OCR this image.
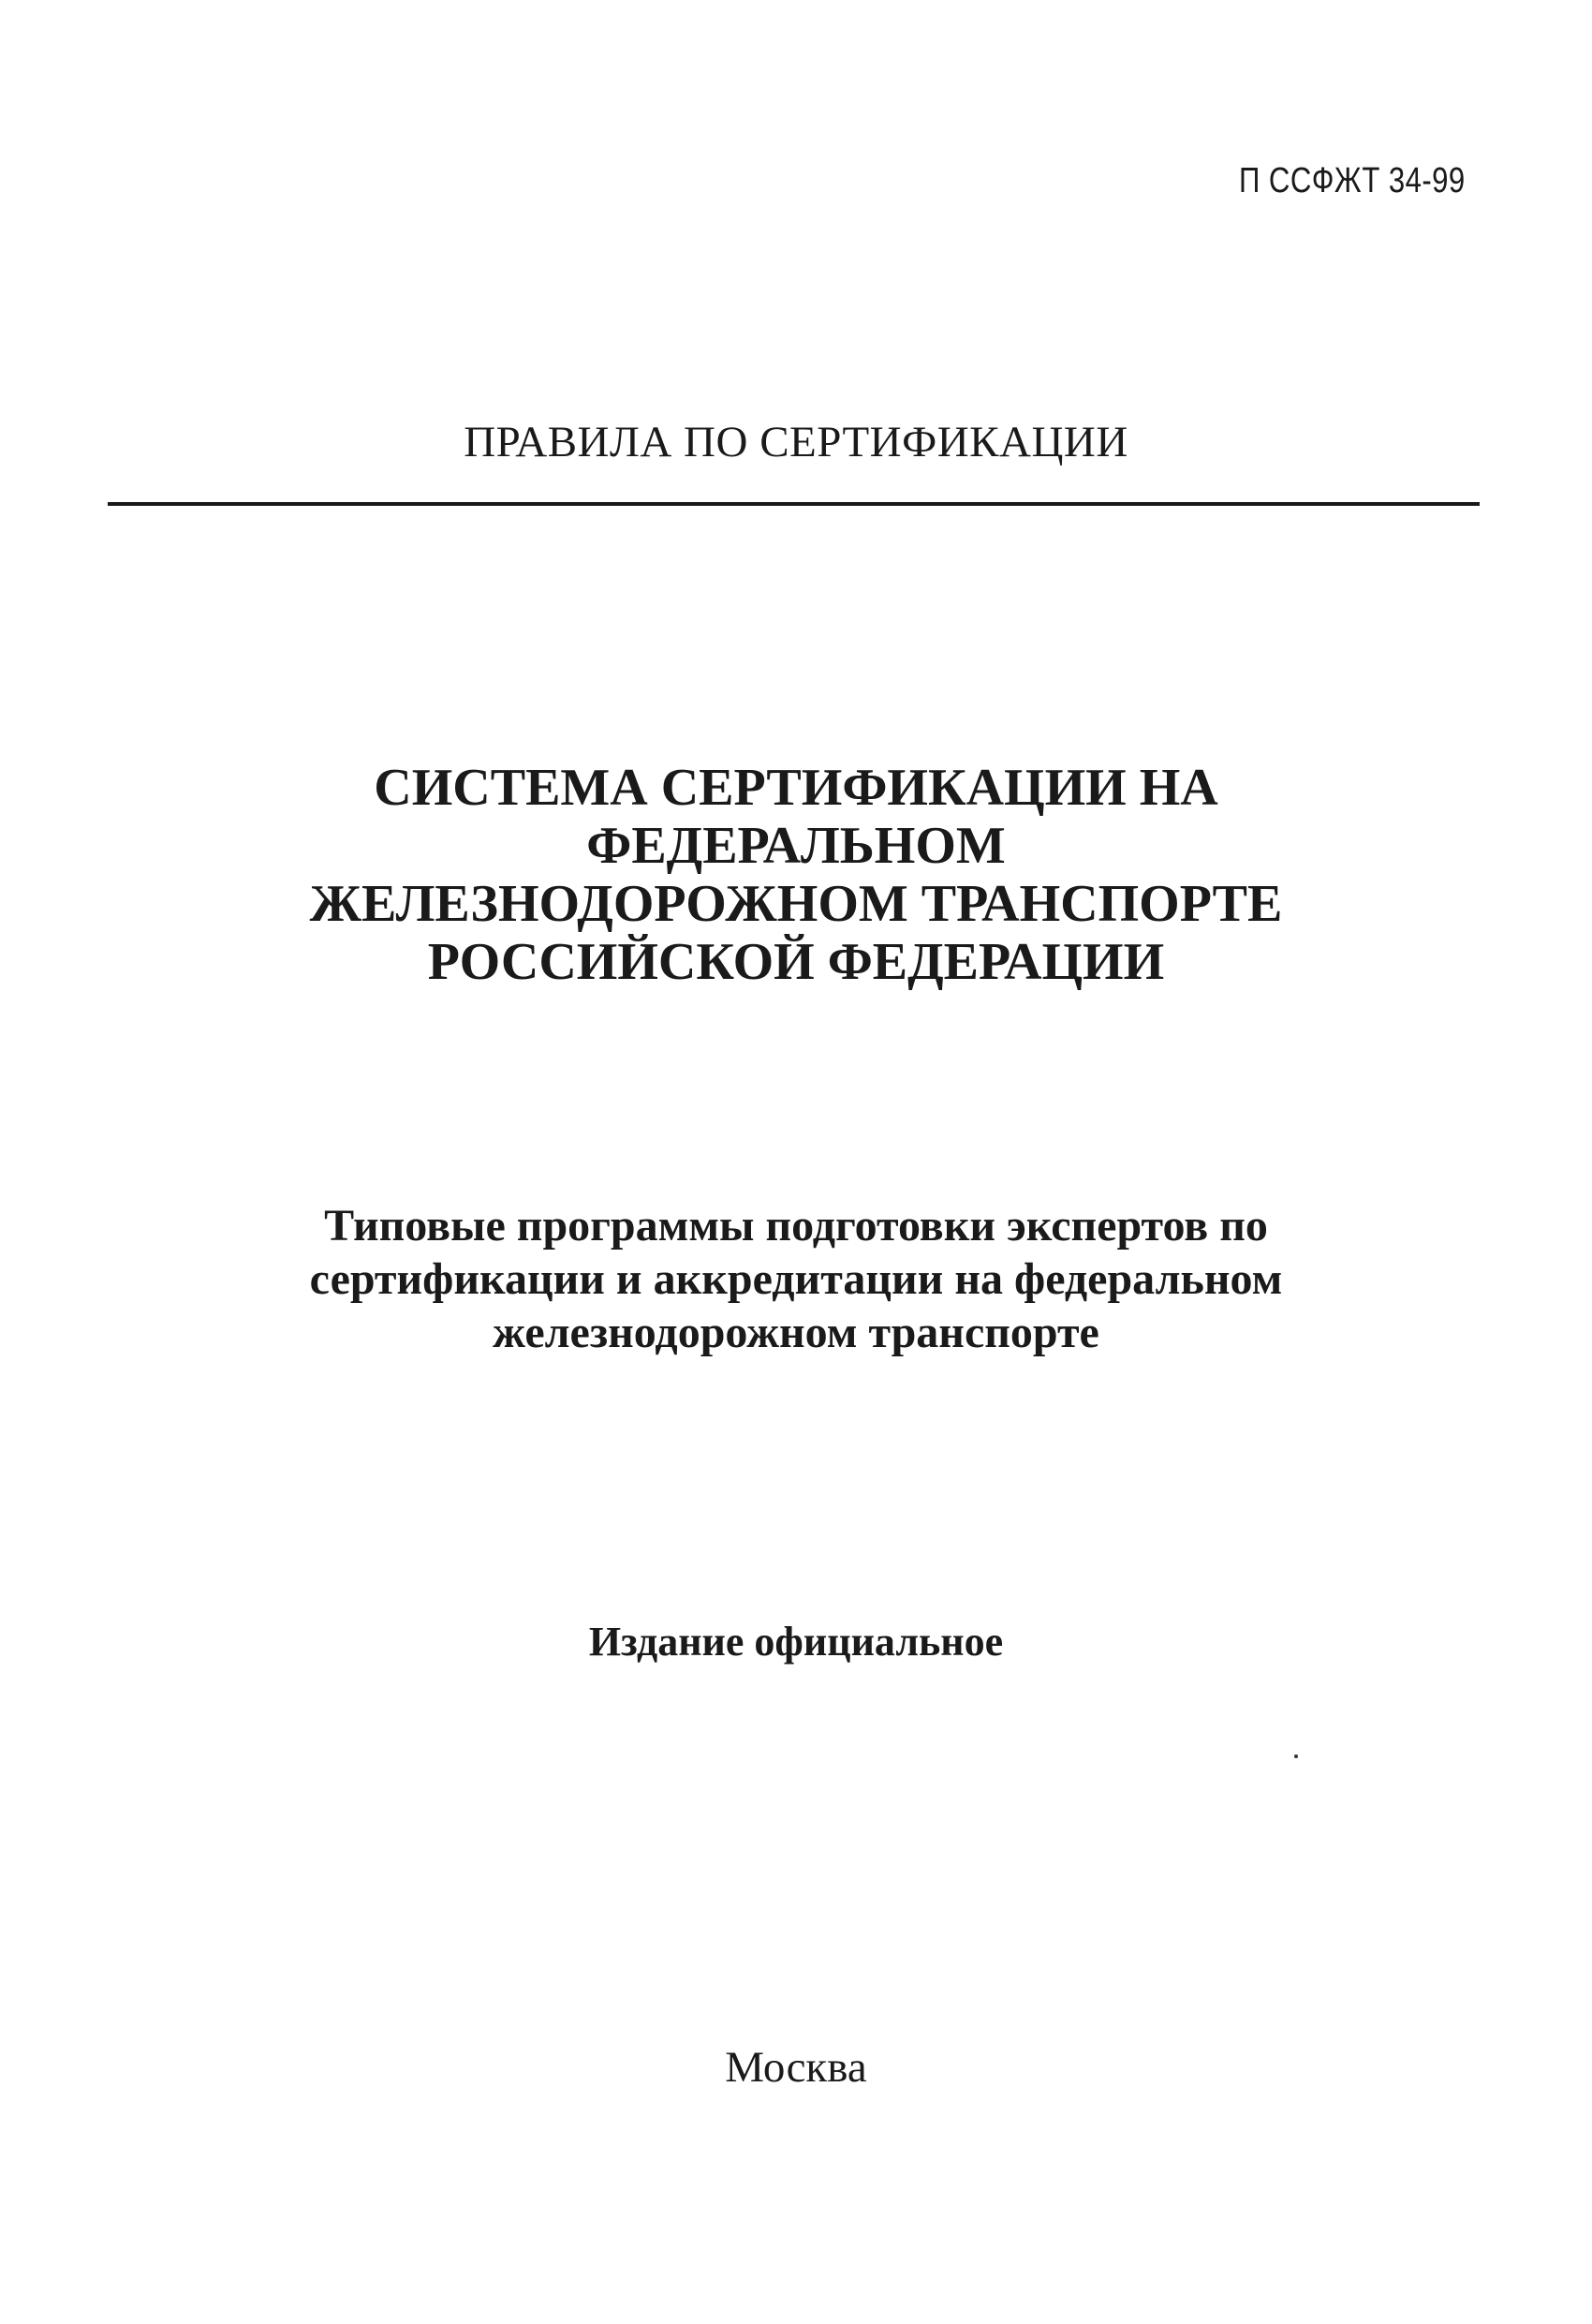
П ССФЖТ 34-99
ПРАВИЛА ПО СЕРТИФИКАЦИИ
СИСТЕМА СЕРТИФИКАЦИИ НА
ФЕДЕРАЛЬНОМ
ЖЕЛЕЗНОДОРОЖНОМ ТРАНСПОРТЕ
РОССИЙСКОЙ ФЕДЕРАЦИИ
Типовые программы подготовки экспертов по
сертификации и аккредитации на федеральном
железнодорожном транспорте
Издание официальное
Москва
